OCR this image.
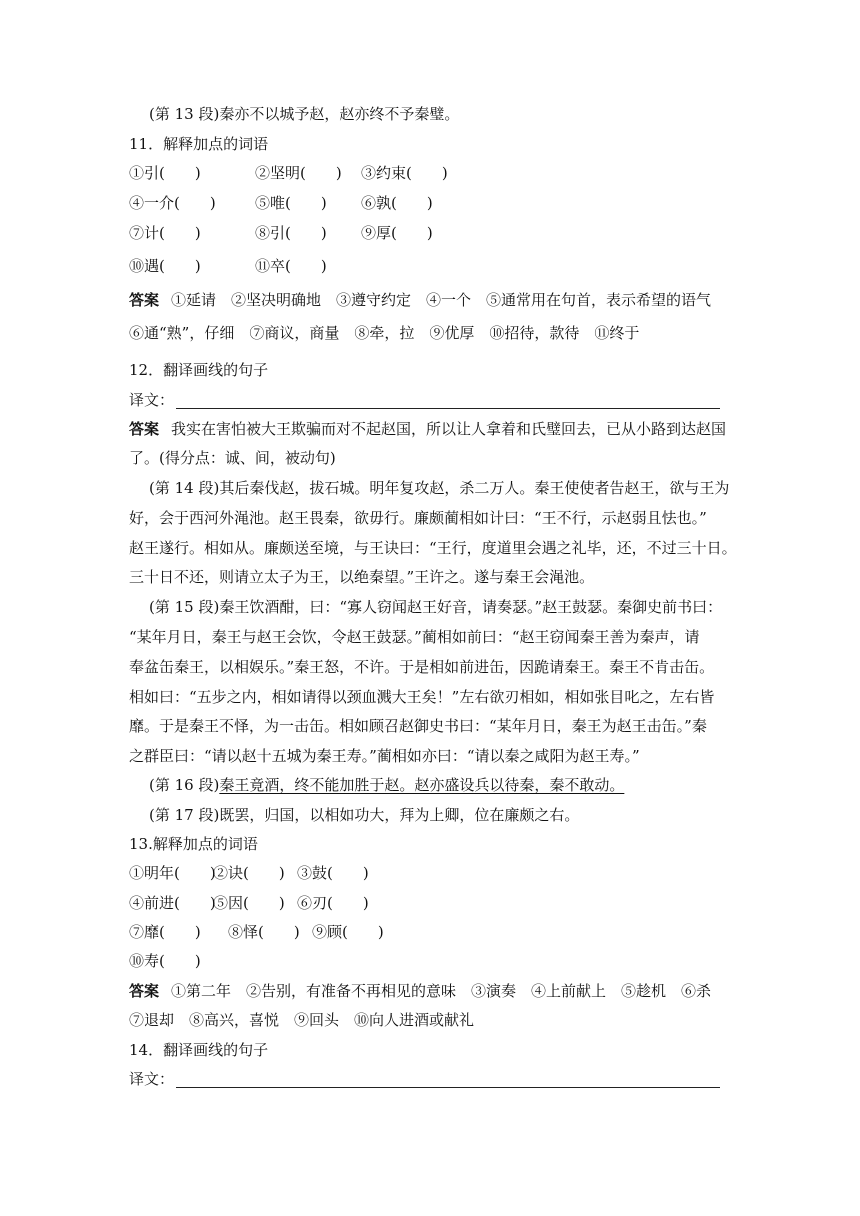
(第 13 段)秦亦不以城予赵，赵亦终不予秦璧。
11．解释加点的词语
①引(　　)	②坚明(　　) ③约束(　　)
④一介(　　)	⑤唯(　　) ⑥孰(　　)
⑦计(　　)	⑧引(　　) ⑨厚(　　)
⑩遇(　　)	⑪卒(　　)
答案 ①延请　②坚决明确地　③遵守约定　④一个　⑤通常用在句首，表示希望的语气
⑥通“熟”，仔细　⑦商议，商量　⑧牵，拉　⑨优厚　⑩招待，款待　⑪终于
12．翻译画线的句子
译文：
答案 我实在害怕被大王欺骗而对不起赵国，所以让人拿着和氏璧回去，已从小路到达赵国
了。(得分点：诚、间，被动句)
(第 14 段)其后秦伐赵，拔石城。明年复攻赵，杀二万人。秦王使使者告赵王，欲与王为
好，会于西河外渑池。赵王畏秦，欲毋行。廉颇蔺相如计曰：“王不行，示赵弱且怯也。”
赵王遂行。相如从。廉颇送至境，与王诀曰：“王行，度道里会遇之礼毕，还，不过三十日。
三十日不还，则请立太子为王，以绝秦望。”王许之。遂与秦王会渑池。
(第 15 段)秦王饮酒酣，曰：“寡人窃闻赵王好音，请奏瑟。”赵王鼓瑟。秦御史前书曰：
“某年月日，秦王与赵王会饮，令赵王鼓瑟。”蔺相如前曰：“赵王窃闻秦王善为秦声，请
奉盆缶秦王，以相娱乐。”秦王怒，不许。于是相如前进缶，因跪请秦王。秦王不肯击缶。
相如曰：“五步之内，相如请得以颈血溅大王矣！”左右欲刃相如，相如张目叱之，左右皆
靡。于是秦王不怿，为一击缶。相如顾召赵御史书曰：“某年月日，秦王为赵王击缶。”秦
之群臣曰：“请以赵十五城为秦王寿。”蔺相如亦曰：“请以秦之咸阳为赵王寿。”
(第 16 段)秦王竟酒，终不能加胜于赵。赵亦盛设兵以待秦，秦不敢动。
(第 17 段)既罢，归国，以相如功大，拜为上卿，位在廉颇之右。
13.解释加点的词语
①明年(　　)②诀(　　) ③鼓(　　)
④前进(　　)⑤因(　　) ⑥刃(　　)
⑦靡(　　) ⑧怿(　　) ⑨顾(　　)
⑩寿(　　)
答案 ①第二年　②告别，有准备不再相见的意味　③演奏　④上前献上　⑤趁机　⑥杀
⑦退却　⑧高兴，喜悦　⑨回头　⑩向人进酒或献礼
14．翻译画线的句子
译文：
